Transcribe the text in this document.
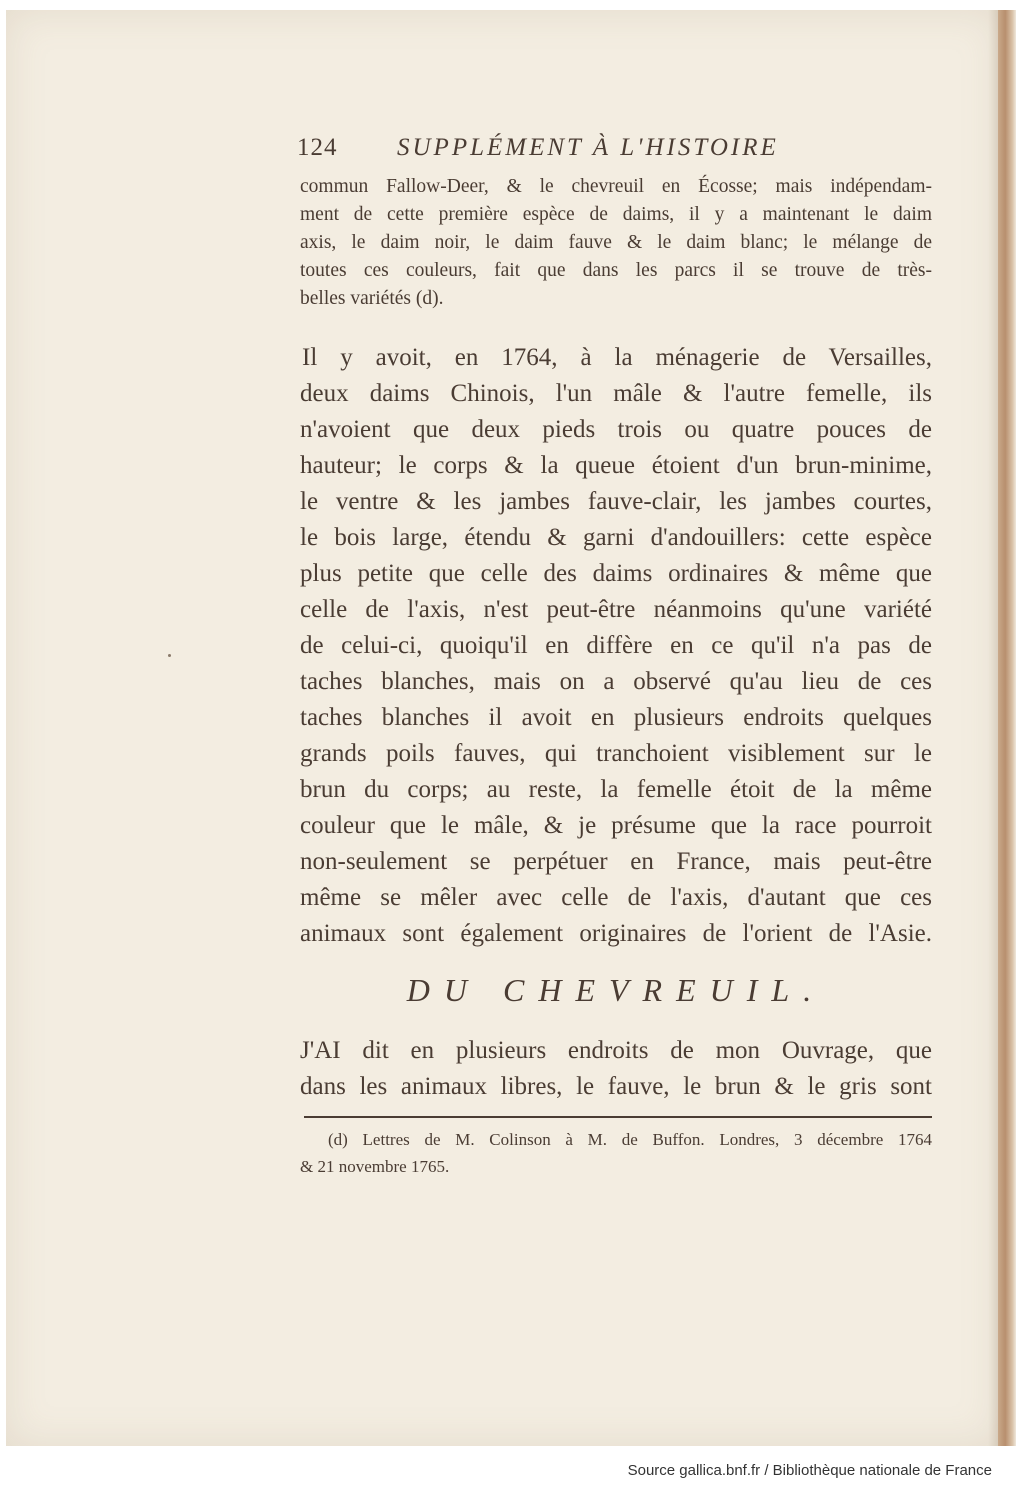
124 SUPPLÉMENT À L'HISTOIRE
commun Fallow-Deer, & le chevreuil en Écosse; mais indépendam-
ment de cette première espèce de daims, il y a maintenant le daim
axis, le daim noir, le daim fauve & le daim blanc; le mélange de
toutes ces couleurs, fait que dans les parcs il se trouve de très-
belles variétés (d).
Il y avoit, en 1764, à la ménagerie de Versailles,
deux daims Chinois, l'un mâle & l'autre femelle, ils
n'avoient que deux pieds trois ou quatre pouces de
hauteur; le corps & la queue étoient d'un brun-minime,
le ventre & les jambes fauve-clair, les jambes courtes,
le bois large, étendu & garni d'andouillers: cette espèce
plus petite que celle des daims ordinaires & même que
celle de l'axis, n'est peut-être néanmoins qu'une variété
de celui-ci, quoiqu'il en diffère en ce qu'il n'a pas de
taches blanches, mais on a observé qu'au lieu de ces
taches blanches il avoit en plusieurs endroits quelques
grands poils fauves, qui tranchoient visiblement sur le
brun du corps; au reste, la femelle étoit de la même
couleur que le mâle, & je présume que la race pourroit
non-seulement se perpétuer en France, mais peut-être
même se mêler avec celle de l'axis, d'autant que ces
animaux sont également originaires de l'orient de l'Asie.
DU CHEVREUIL.
J'AI dit en plusieurs endroits de mon Ouvrage, que
dans les animaux libres, le fauve, le brun & le gris sont
(d) Lettres de M. Colinson à M. de Buffon. Londres, 3 décembre 1764
& 21 novembre 1765.
Source gallica.bnf.fr / Bibliothèque nationale de France
